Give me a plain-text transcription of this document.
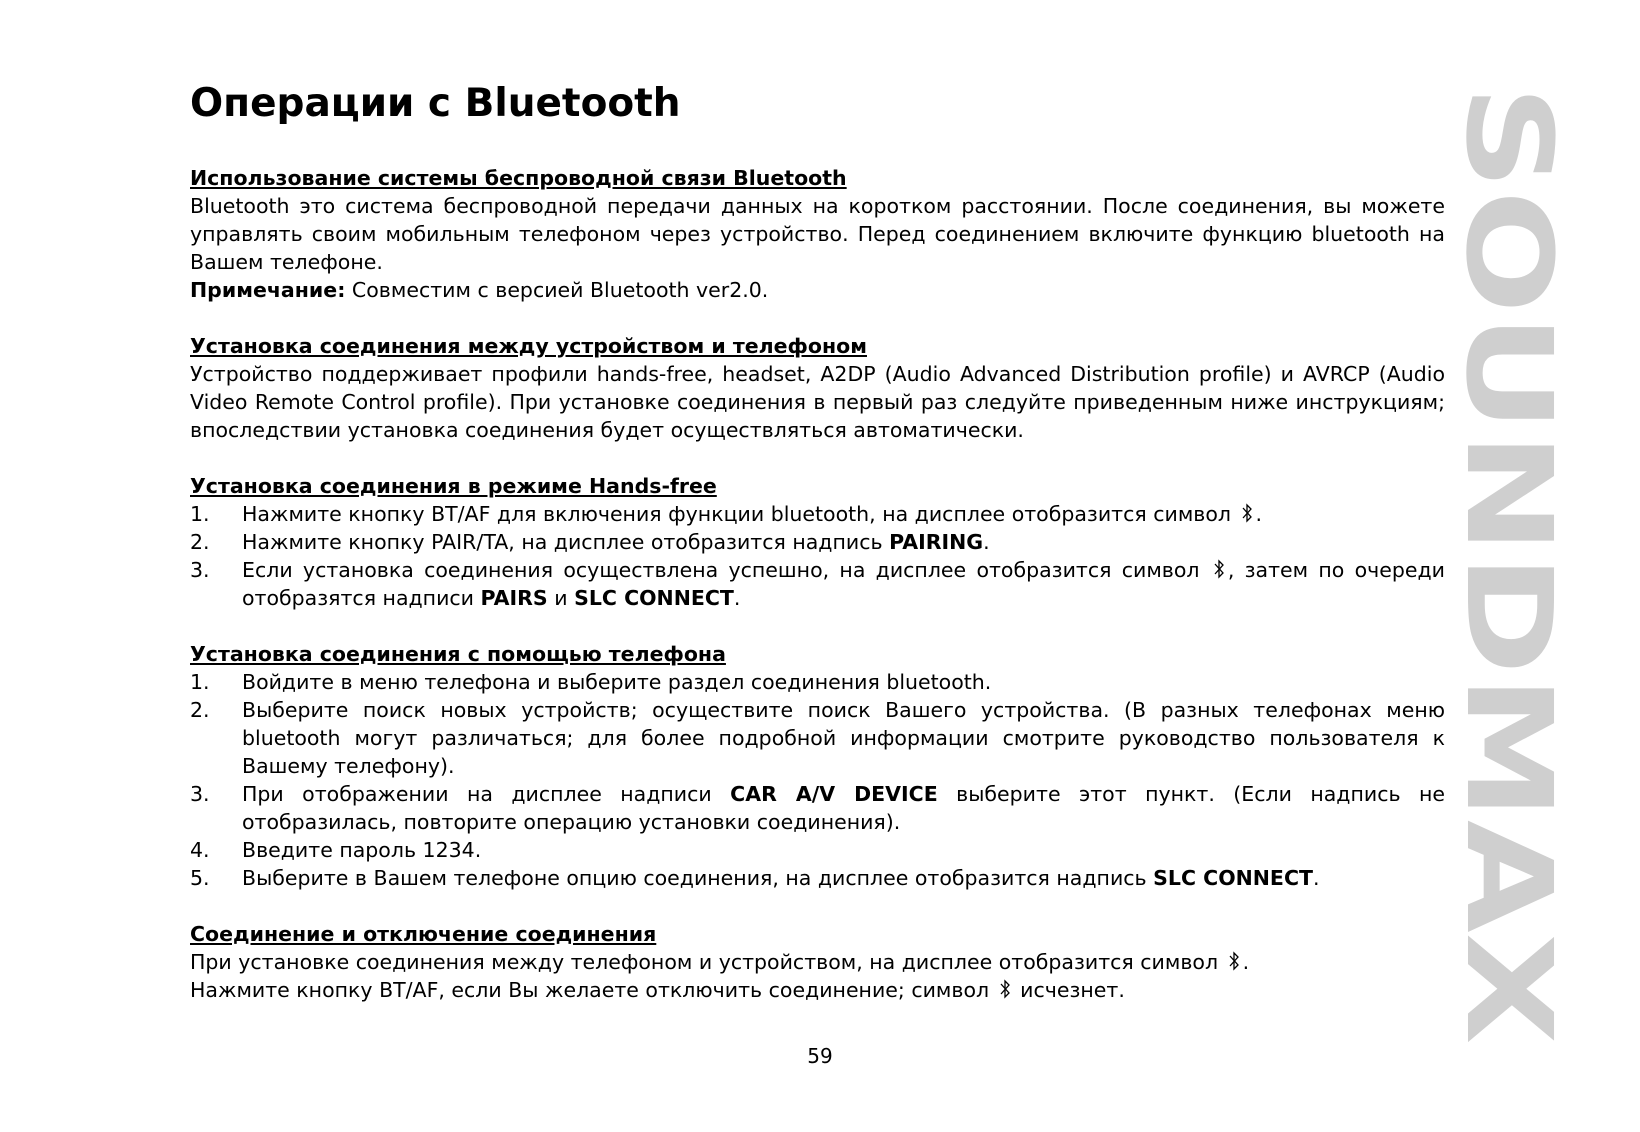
Операции с Bluetooth
Использование системы беспроводной связи Bluetooth

Bluetooth это система беспроводной передачи данных на коротком расстоянии. После соединения, вы можете управлять своим мобильным телефоном через устройство. Перед соединением включите функцию bluetooth на Вашем телефоне.

Примечание: Совместим с версией Bluetooth ver2.0.

Установка соединения между устройством и телефоном

Устройство поддерживает профили hands-free, headset, A2DP (Audio Advanced Distribution profile) и AVRCP (Audio Video Remote Control profile). При установке соединения в первый раз следуйте приведенным ниже инструкциям; впоследствии установка соединения будет осуществляться автоматически.

Установка соединения в режиме Hands-free
1. Нажмите кнопку BT/AF для включения функции bluetooth, на дисплее отобразится символ .
2. Нажмите кнопку PAIR/TA, на дисплее отобразится надпись PAIRING.
3. Если установка соединения осуществлена успешно, на дисплее отобразится символ , затем по очереди отобразятся надписи PAIRS и SLC CONNECT.
Установка соединения с помощью телефона
1. Войдите в меню телефона и выберите раздел соединения bluetooth.
2. Выберите поиск новых устройств; осуществите поиск Вашего устройства. (В разных телефонах меню bluetooth могут различаться; для более подробной информации смотрите руководство пользователя к Вашему телефону).
3. При отображении на дисплее надписи CAR A/V DEVICE выберите этот пункт. (Если надпись не отобразилась, повторите операцию установки соединения).
4. Введите пароль 1234.
5. Выберите в Вашем телефоне опцию соединения, на дисплее отобразится надпись SLC CONNECT.
Соединение и отключение соединения

При установке соединения между телефоном и устройством, на дисплее отобразится символ .

Нажмите кнопку BT/AF, если Вы желаете отключить соединение; символ  исчезнет.

59
SOUNDMAX
